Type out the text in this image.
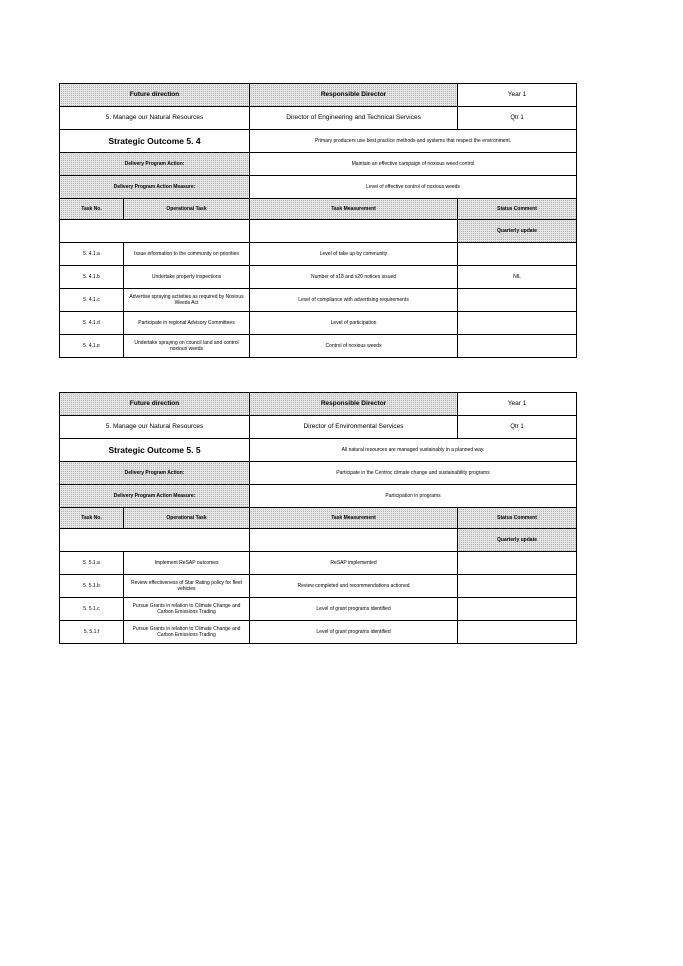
Future direction		Responsible Director	Year 1
5. Manage our Natural Resources		Director of Engineering and Technical Services	Qtr 1
Strategic Outcome 5. 4		Primary producers use best practice methods and systems that respect the environment.	
Delivery Program Action:		Maintain an effective campaign of noxious weed control	
Delivery Program Action Measure:		Level of effective control of noxious weeds	
Task No.	Operational Task	Task Measurement	Status Comment
			Quarterly update
5. 4.1.a	Issue information to the community on priorities	Level of take up by community	
5. 4.1.b	Undertake property inspections	Number of s18 and s20 notices issued	NIL
5. 4.1.c	Advertise spraying activities as required by Noxious Weeds Act	Level of compliance with advertising requirements	
5. 4.1.d	Participate in regional Advisory Committees	Level of participation	
5. 4.1.e	Undertake spraying on council land and control noxious weeds	Control of noxious weeds	
Future direction		Responsible Director	Year 1
5. Manage our Natural Resources		Director of Environmental Services	Qtr 1
Strategic Outcome 5. 5		All natural resources are managed sustainably in a planned way.	
Delivery Program Action:		Participate in the Centroc climate change and sustainability programs	
Delivery Program Action Measure:		Participation in programs	
Task No.	Operational Task	Task Measurement	Status Comment
			Quarterly update
5. 5.1.a	Implement ReSAP outcomes	ReSAP implemented	
5. 5.1.b	Review effectiveness of Star Rating policy for fleet vehicles	Review completed and recommendations actioned	
5. 5.1.c	Pursue Grants in relation to Climate Change and Carbon Emissions Trading	Level of grant programs identified	
5. 5.1.f	Pursue Grants in relation to Climate Change and Carbon Emissions Trading	Level of grant programs identified	
